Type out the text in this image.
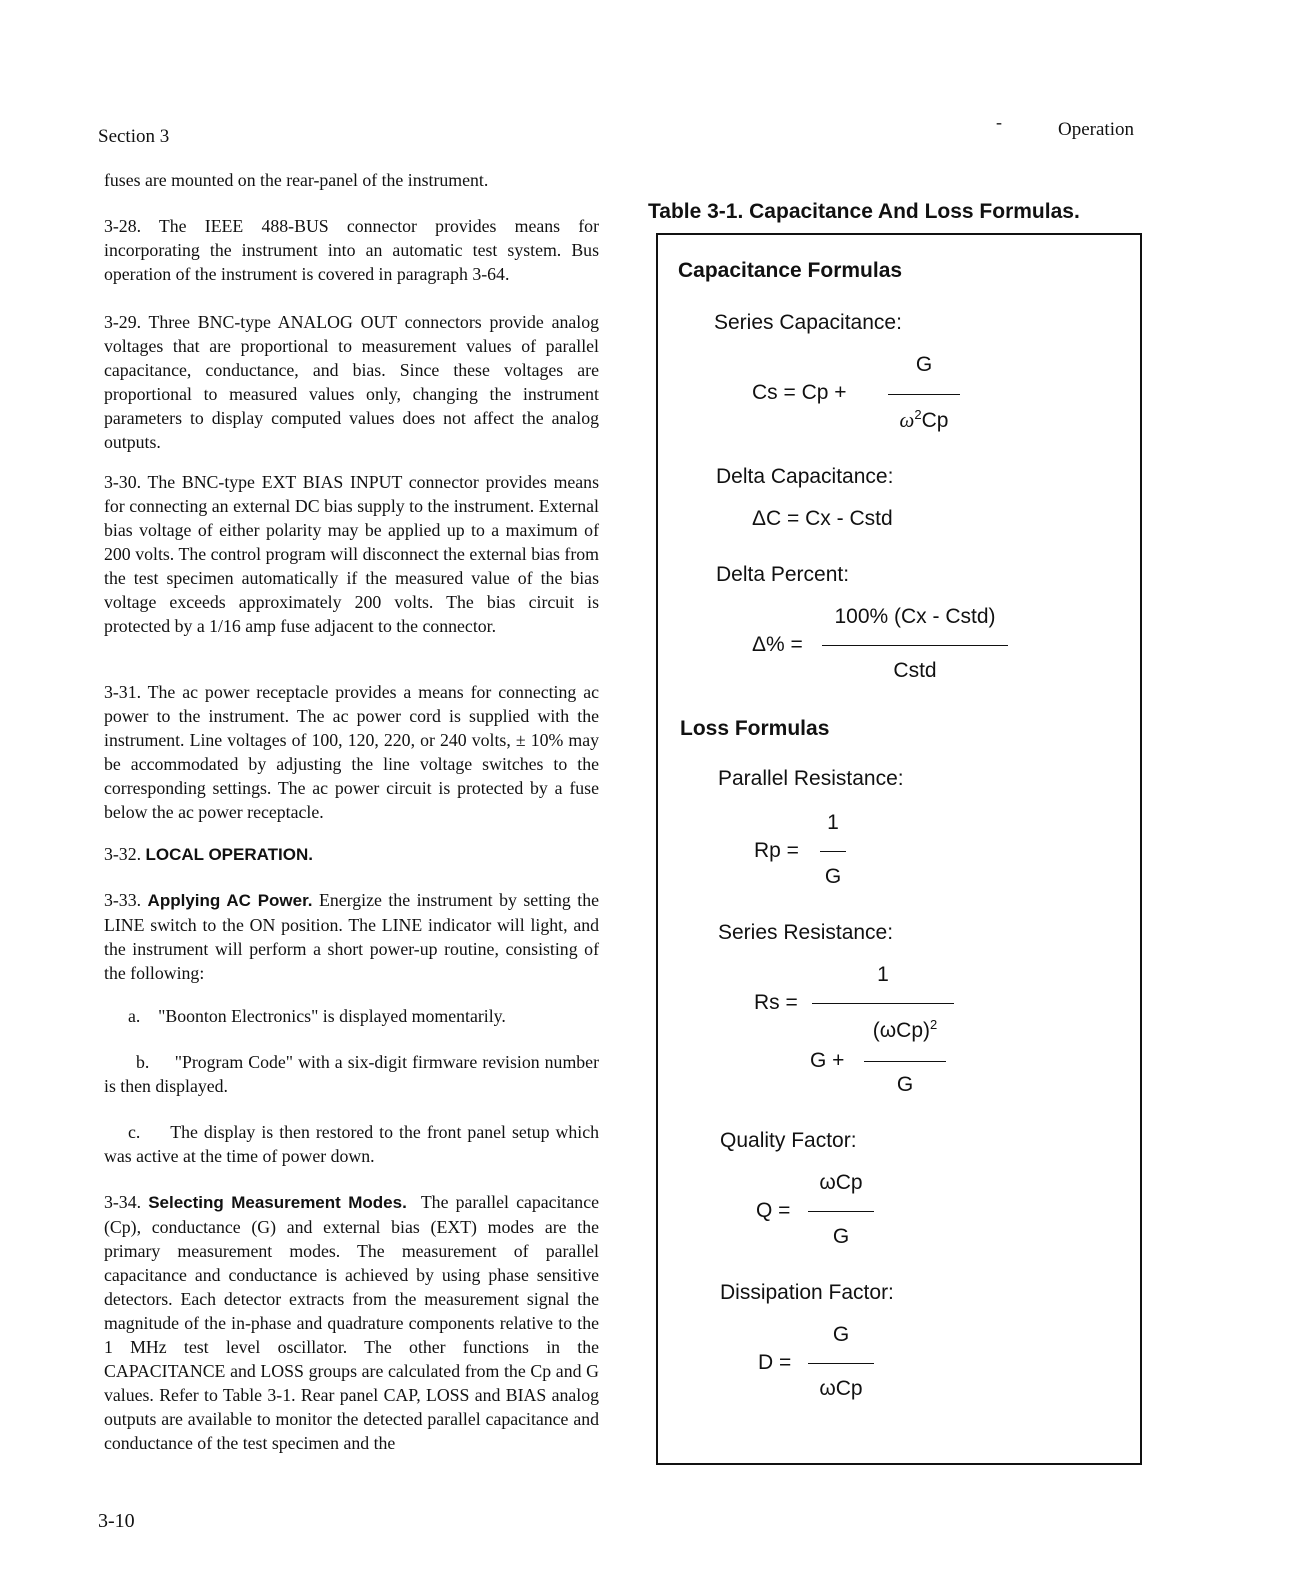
Section 3
-	Operation
fuses are mounted on the rear-panel of the instrument.
3-28. The IEEE 488-BUS connector provides means for incorporating the instrument into an automatic test system. Bus operation of the instrument is covered in paragraph 3-64.
3-29. Three BNC-type ANALOG OUT connectors provide analog voltages that are proportional to measurement values of parallel capacitance, conductance, and bias. Since these voltages are proportional to measured values only, changing the instrument parameters to display computed values does not affect the analog outputs.
3-30. The BNC-type EXT BIAS INPUT connector provides means for connecting an external DC bias supply to the instrument. External bias voltage of either polarity may be applied up to a maximum of 200 volts. The control program will disconnect the external bias from the test specimen automatically if the measured value of the bias voltage exceeds approximately 200 volts. The bias circuit is protected by a 1/16 amp fuse adjacent to the connector.
3-31. The ac power receptacle provides a means for connecting ac power to the instrument. The ac power cord is supplied with the instrument. Line voltages of 100, 120, 220, or 240 volts, ± 10% may be accommodated by adjusting the line voltage switches to the corresponding settings. The ac power circuit is protected by a fuse below the ac power receptacle.
3-32. LOCAL OPERATION.
3-33. Applying AC Power. Energize the instrument by setting the LINE switch to the ON position. The LINE indicator will light, and the instrument will perform a short power-up routine, consisting of the following:
a. "Boonton Electronics" is displayed momentarily.
b. "Program Code" with a six-digit firmware revision number is then displayed.
c. The display is then restored to the front panel setup which was active at the time of power down.
3-34. Selecting Measurement Modes. The parallel capacitance (Cp), conductance (G) and external bias (EXT) modes are the primary measurement modes. The measurement of parallel capacitance and conductance is achieved by using phase sensitive detectors. Each detector extracts from the measurement signal the magnitude of the in-phase and quadrature components relative to the 1 MHz test level oscillator. The other functions in the CAPACITANCE and LOSS groups are calculated from the Cp and G values. Refer to Table 3-1. Rear panel CAP, LOSS and BIAS analog outputs are available to monitor the detected parallel capacitance and conductance of the test specimen and the
Table 3-1. Capacitance And Loss Formulas.
Capacitance Formulas
Series Capacitance:
Cs = Cp +
G
$\omega^2Cp$
Delta Capacitance:
ΔC = Cx - Cstd
Delta Percent:
Δ% =
100% (Cx - Cstd)
Cstd
Loss Formulas
Parallel Resistance:
Rp =
1
G
Series Resistance:
Rs =
1
G +
$(\omega Cp)^2$
G
Quality Factor:
Q =
ωCp
G
Dissipation Factor:
D =
G
ωCp
3-10
